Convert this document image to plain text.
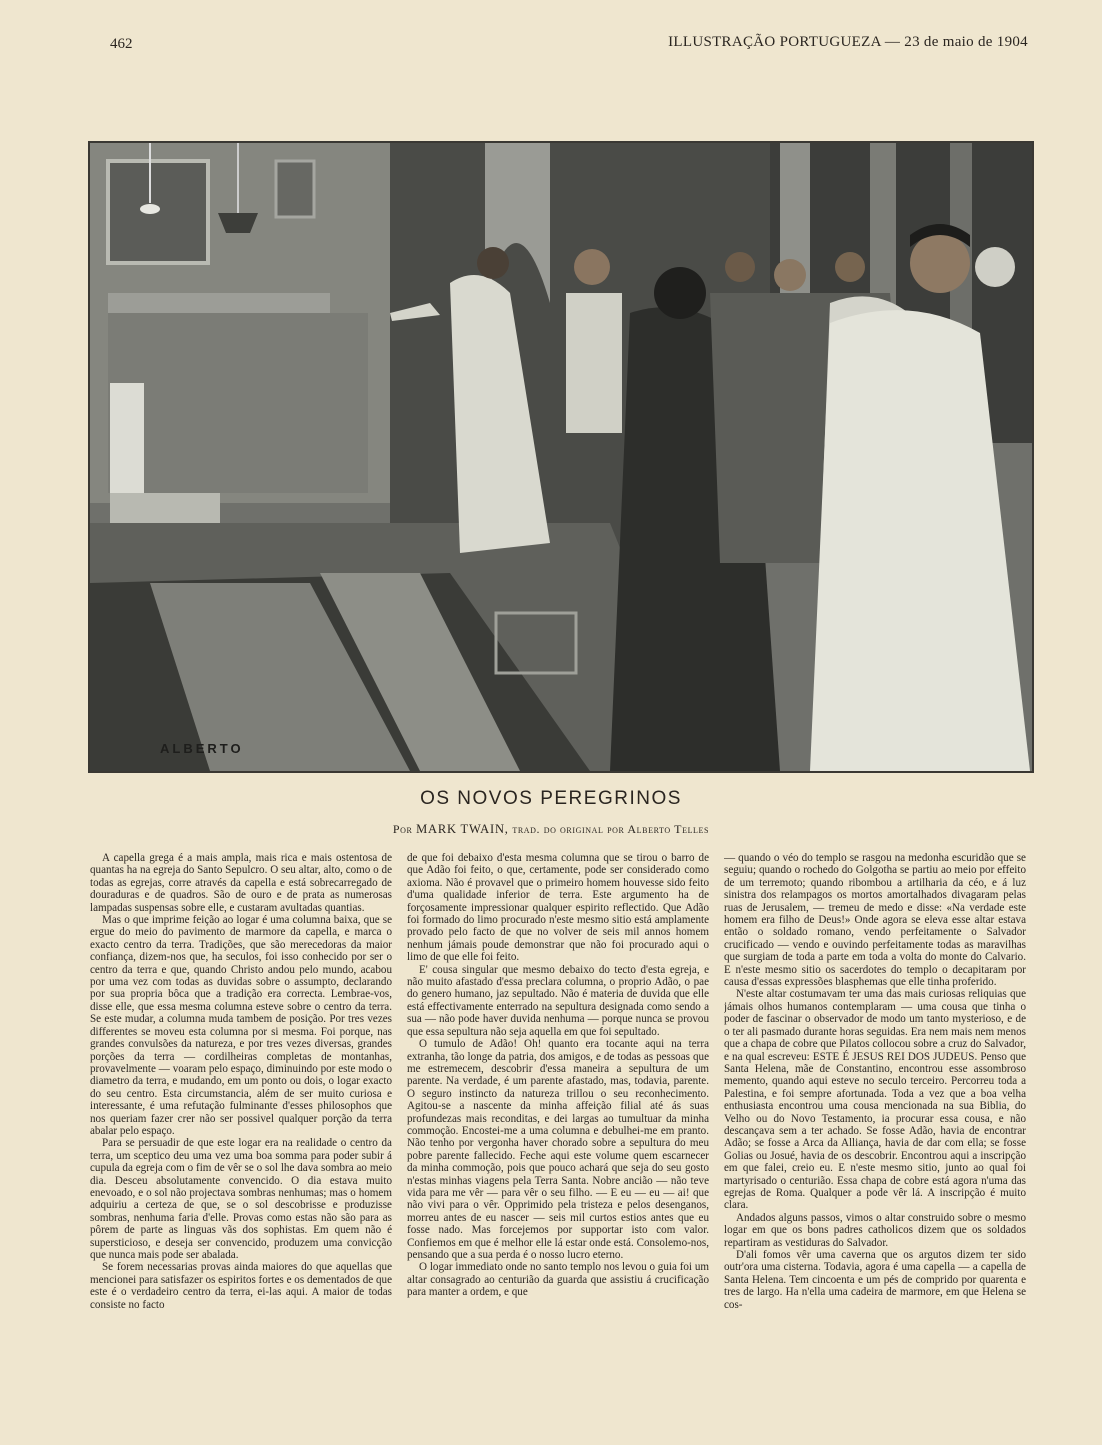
462	ILLUSTRAÇÃO PORTUGUEZA — 23 de maio de 1904
ALBERTO
OS NOVOS PEREGRINOS
Por MARK TWAIN, trad. do original por Alberto Telles

A capella grega é a mais ampla, mais rica e mais ostentosa de quantas ha na egreja do Santo Sepulcro. O seu altar, alto, como o de todas as egrejas, corre através da capella e está sobrecarregado de douraduras e de quadros. São de ouro e de prata as numerosas lampadas suspensas sobre elle, e custaram avultadas quantias.

Mas o que imprime feição ao logar é uma columna baixa, que se ergue do meio do pavimento de marmore da capella, e marca o exacto centro da terra. Tradições, que são merecedoras da maior confiança, dizem-nos que, ha seculos, foi isso conhecido por ser o centro da terra e que, quando Christo andou pelo mundo, acabou por uma vez com todas as duvidas sobre o assumpto, declarando por sua propria bôca que a tradição era correcta. Lembrae-vos, disse elle, que essa mesma columna esteve sobre o centro da terra. Se este mudar, a columna muda tambem de posição. Por tres vezes differentes se moveu esta columna por si mesma. Foi porque, nas grandes convulsões da natureza, e por tres vezes diversas, grandes porções da terra — cordilheiras completas de montanhas, provavelmente — voaram pelo espaço, diminuindo por este modo o diametro da terra, e mudando, em um ponto ou dois, o logar exacto do seu centro. Esta circumstancia, além de ser muito curiosa e interessante, é uma refutação fulminante d'esses philosophos que nos queriam fazer crer não ser possivel qualquer porção da terra abalar pelo espaço.

Para se persuadir de que este logar era na realidade o centro da terra, um sceptico deu uma vez uma boa somma para poder subir á cupula da egreja com o fim de vêr se o sol lhe dava sombra ao meio dia. Desceu absolutamente convencido. O dia estava muito enevoado, e o sol não projectava sombras nenhumas; mas o homem adquiriu a certeza de que, se o sol descobrisse e produzisse sombras, nenhuma faria d'elle. Provas como estas não são para as pôrem de parte as linguas vãs dos sophistas. Em quem não é supersticioso, e deseja ser convencido, produzem uma convicção que nunca mais pode ser abalada.

Se forem necessarias provas ainda maiores do que aquellas que mencionei para satisfazer os espiritos fortes e os dementados de que este é o verdadeiro centro da terra, ei-las aqui. A maior de todas consiste no facto

de que foi debaixo d'esta mesma columna que se tirou o barro de que Adão foi feito, o que, certamente, pode ser considerado como axioma. Não é provavel que o primeiro homem houvesse sido feito d'uma qualidade inferior de terra. Este argumento ha de forçosamente impressionar qualquer espirito reflectido. Que Adão foi formado do limo procurado n'este mesmo sitio está amplamente provado pelo facto de que no volver de seis mil annos homem nenhum jámais poude demonstrar que não foi procurado aqui o limo de que elle foi feito.

E' cousa singular que mesmo debaixo do tecto d'esta egreja, e não muito afastado d'essa preclara columna, o proprio Adão, o pae do genero humano, jaz sepultado. Não é materia de duvida que elle está effectivamente enterrado na sepultura designada como sendo a sua — não pode haver duvida nenhuma — porque nunca se provou que essa sepultura não seja aquella em que foi sepultado.

O tumulo de Adão! Oh! quanto era tocante aqui na terra extranha, tão longe da patria, dos amigos, e de todas as pessoas que me estremecem, descobrir d'essa maneira a sepultura de um parente. Na verdade, é um parente afastado, mas, todavia, parente. O seguro instincto da natureza trillou o seu reconhecimento. Agitou-se a nascente da minha affeição filial até ás suas profundezas mais reconditas, e dei largas ao tumultuar da minha commoção. Encostei-me a uma columna e debulhei-me em pranto. Não tenho por vergonha haver chorado sobre a sepultura do meu pobre parente fallecido. Feche aqui este volume quem escarnecer da minha commoção, pois que pouco achará que seja do seu gosto n'estas minhas viagens pela Terra Santa. Nobre ancião — não teve vida para me vêr — para vêr o seu filho. — E eu — eu — ai! que não vivi para o vêr. Opprimido pela tristeza e pelos desenganos, morreu antes de eu nascer — seis mil curtos estios antes que eu fosse nado. Mas forcejemos por supportar isto com valor. Confiemos em que é melhor elle lá estar onde está. Consolemo-nos, pensando que a sua perda é o nosso lucro eterno.

O logar immediato onde no santo templo nos levou o guia foi um altar consagrado ao centurião da guarda que assistiu á crucificação para manter a ordem, e que

— quando o véo do templo se rasgou na medonha escuridão que se seguiu; quando o rochedo do Golgotha se partiu ao meio por effeito de um terremoto; quando ribombou a artilharia da céo, e á luz sinistra dos relampagos os mortos amortalhados divagaram pelas ruas de Jerusalem, — tremeu de medo e disse: «Na verdade este homem era filho de Deus!» Onde agora se eleva esse altar estava então o soldado romano, vendo perfeitamente o Salvador crucificado — vendo e ouvindo perfeitamente todas as maravilhas que surgiam de toda a parte em toda a volta do monte do Calvario. E n'este mesmo sitio os sacerdotes do templo o decapitaram por causa d'essas expressões blasphemas que elle tinha proferido.

N'este altar costumavam ter uma das mais curiosas reliquias que jámais olhos humanos contemplaram — uma cousa que tinha o poder de fascinar o observador de modo um tanto mysterioso, e de o ter ali pasmado durante horas seguidas. Era nem mais nem menos que a chapa de cobre que Pilatos collocou sobre a cruz do Salvador, e na qual escreveu: ESTE É JESUS REI DOS JUDEUS. Penso que Santa Helena, mãe de Constantino, encontrou esse assombroso memento, quando aqui esteve no seculo terceiro. Percorreu toda a Palestina, e foi sempre afortunada. Toda a vez que a boa velha enthusiasta encontrou uma cousa mencionada na sua Biblia, do Velho ou do Novo Testamento, ia procurar essa cousa, e não descançava sem a ter achado. Se fosse Adão, havia de encontrar Adão; se fosse a Arca da Alliança, havia de dar com ella; se fosse Golias ou Josué, havia de os descobrir. Encontrou aqui a inscripção em que falei, creio eu. E n'este mesmo sitio, junto ao qual foi martyrisado o centurião. Essa chapa de cobre está agora n'uma das egrejas de Roma. Qualquer a pode vêr lá. A inscripção é muito clara.

Andados alguns passos, vimos o altar construido sobre o mesmo logar em que os bons padres catholicos dizem que os soldados repartiram as vestiduras do Salvador.

D'ali fomos vêr uma caverna que os argutos dizem ter sido outr'ora uma cisterna. Todavia, agora é uma capella — a capella de Santa Helena. Tem cincoenta e um pés de comprido por quarenta e tres de largo. Ha n'ella uma cadeira de marmore, em que Helena se cos-
